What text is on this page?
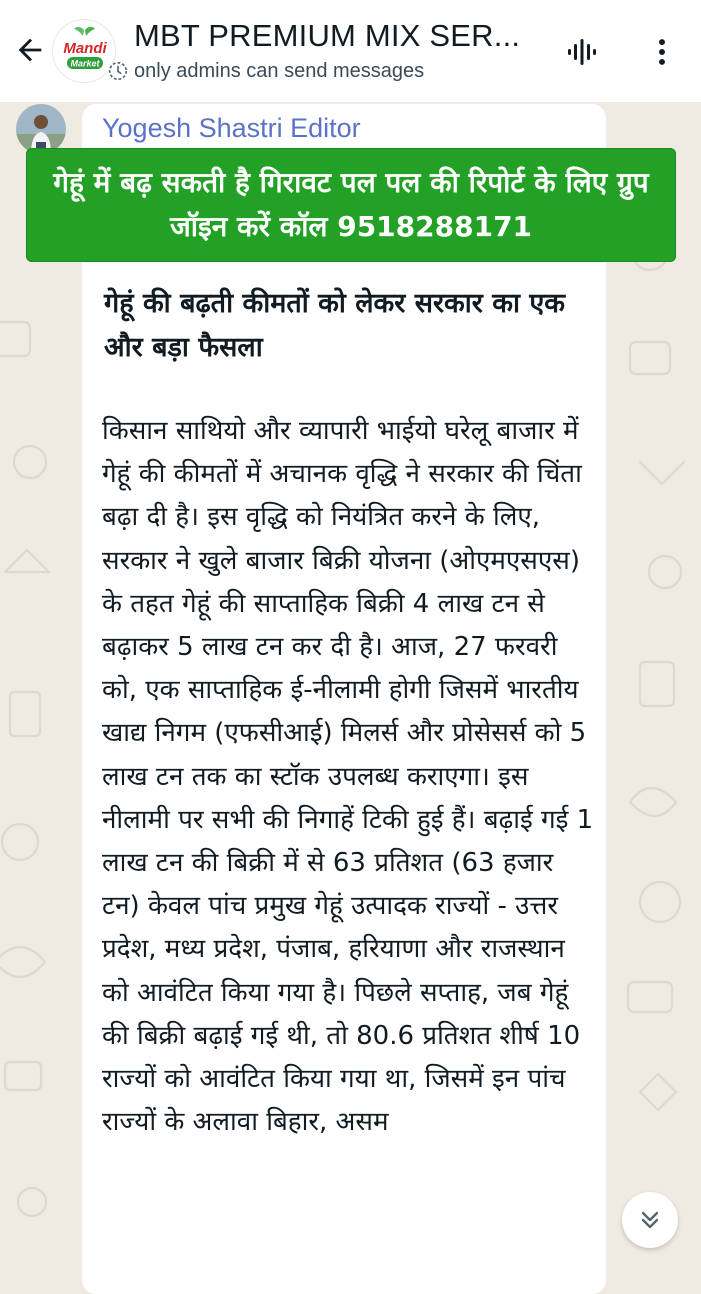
Mandi
Market
MBT PREMIUM MIX SER...
only admins can send messages
Yogesh Shastri Editor
गेहूं में बढ़ सकती है गिरावट पल पल की रिपोर्ट के लिए ग्रुप जॉइन करें कॉल 9518288171
गेहूं की बढ़ती कीमतों को लेकर सरकार का एक और बड़ा फैसला
किसान साथियो और व्यापारी भाईयो घरेलू बाजार में गेहूं की कीमतों में अचानक वृद्धि ने सरकार की चिंता बढ़ा दी है। इस वृद्धि को नियंत्रित करने के लिए, सरकार ने खुले बाजार बिक्री योजना (ओएमएसएस) के तहत गेहूं की साप्ताहिक बिक्री 4 लाख टन से बढ़ाकर 5 लाख टन कर दी है। आज, 27 फरवरी को, एक साप्ताहिक ई-नीलामी होगी जिसमें भारतीय खाद्य निगम (एफसीआई) मिलर्स और प्रोसेसर्स को 5 लाख टन तक का स्टॉक उपलब्ध कराएगा। इस नीलामी पर सभी की निगाहें टिकी हुई हैं। बढ़ाई गई 1 लाख टन की बिक्री में से 63 प्रतिशत (63 हजार टन) केवल पांच प्रमुख गेहूं उत्पादक राज्यों - उत्तर प्रदेश, मध्य प्रदेश, पंजाब, हरियाणा और राजस्थान को आवंटित किया गया है। पिछले सप्ताह, जब गेहूं की बिक्री बढ़ाई गई थी, तो 80.6 प्रतिशत शीर्ष 10 राज्यों को आवंटित किया गया था, जिसमें इन पांच राज्यों के अलावा बिहार, असम
